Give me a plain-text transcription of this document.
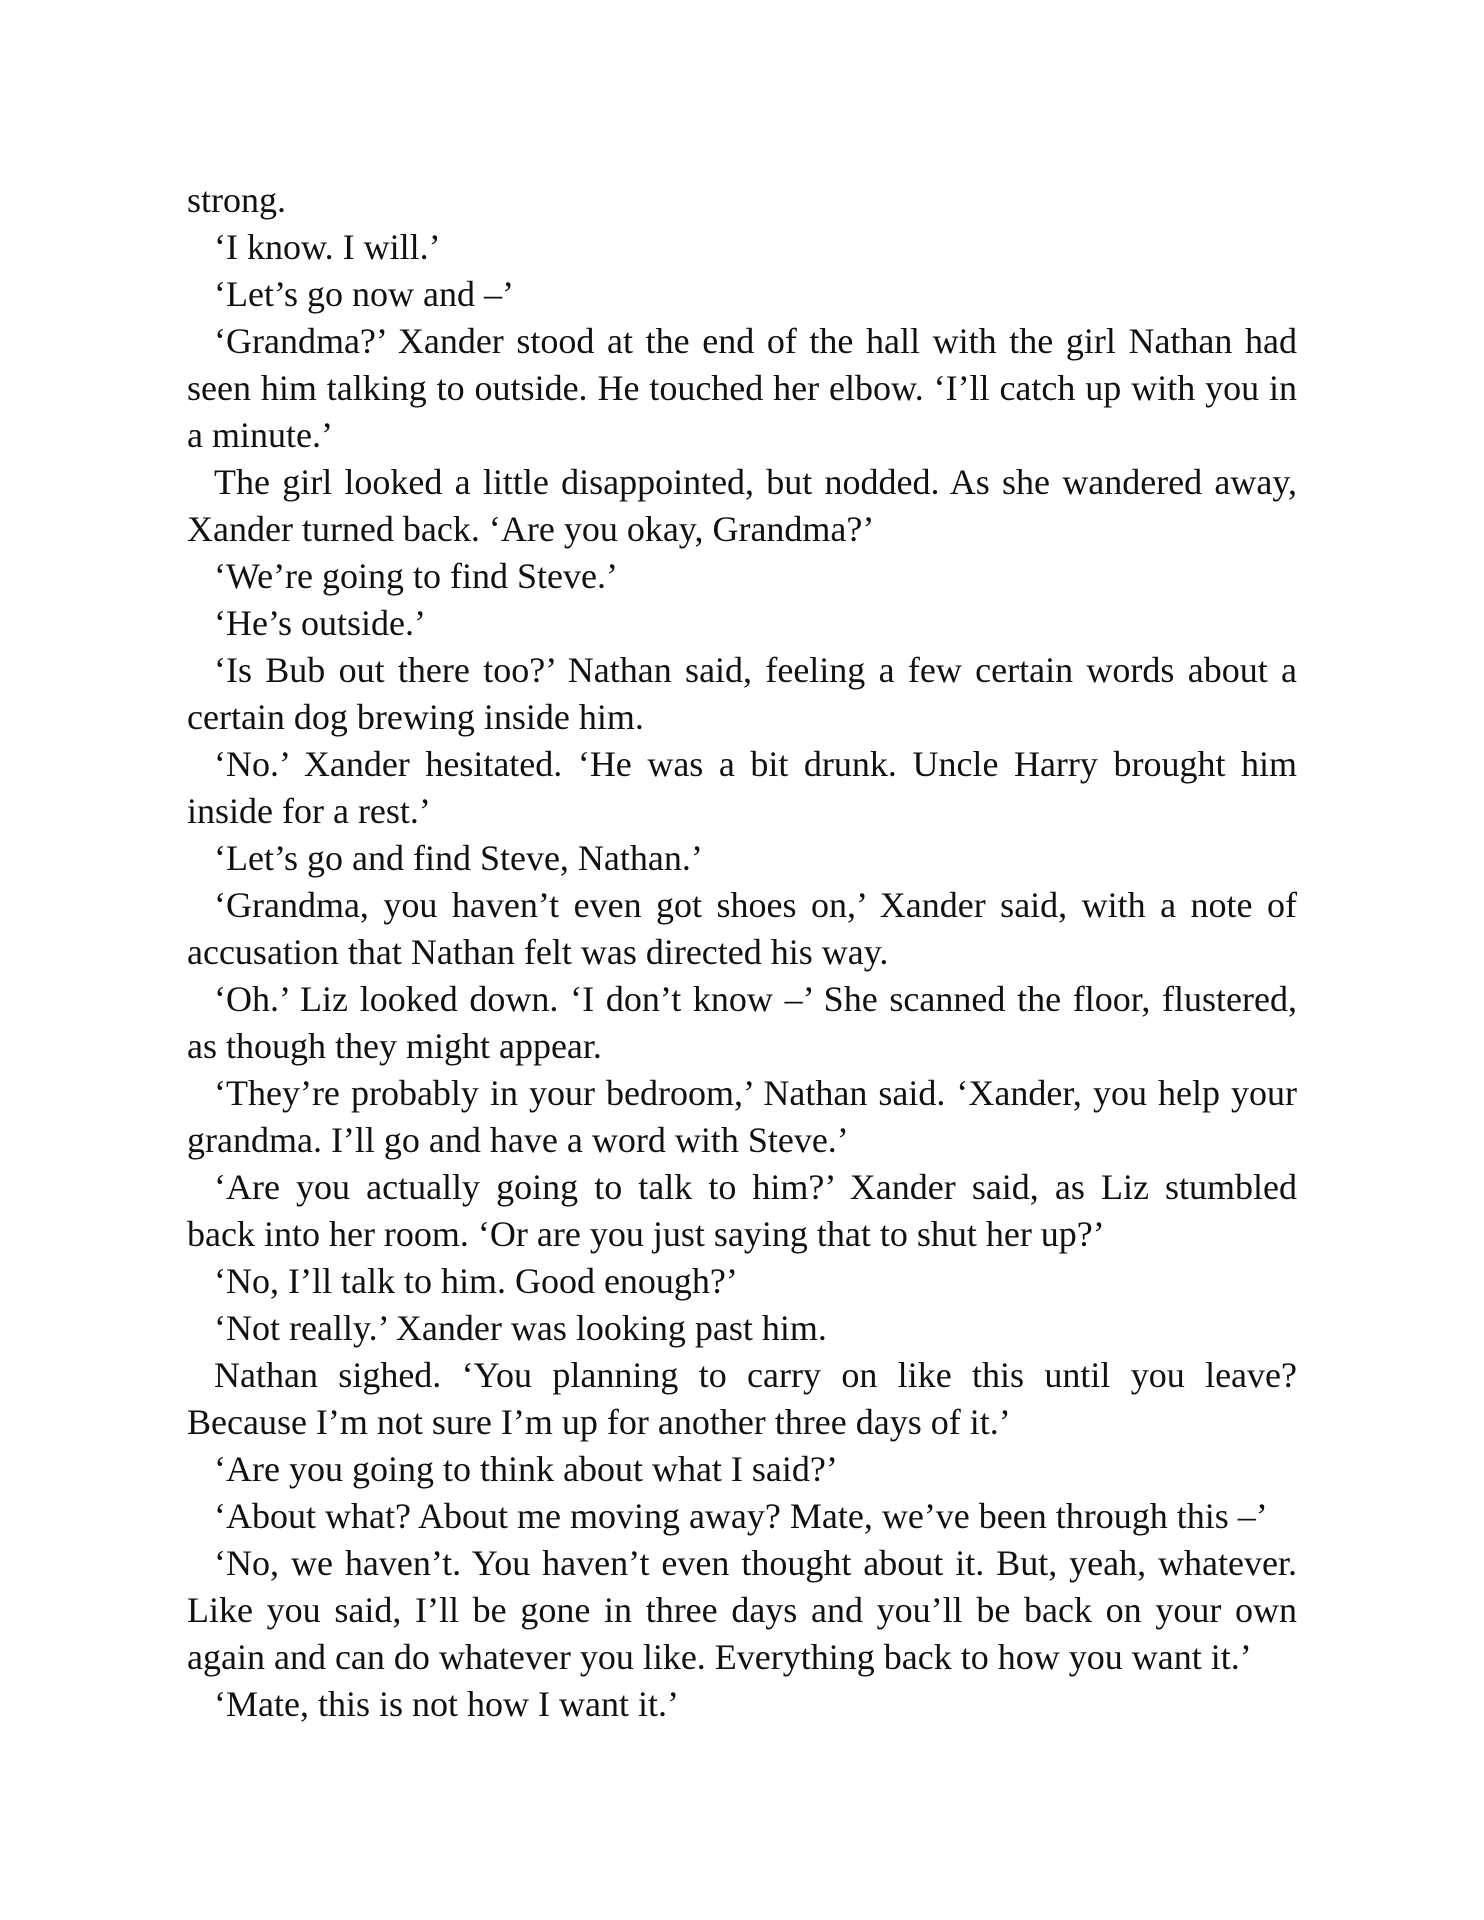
strong.
‘I know. I will.’
‘Let’s go now and –’
‘Grandma?’ Xander stood at the end of the hall with the girl Nathan had
seen him talking to outside. He touched her elbow. ‘I’ll catch up with you in
a minute.’
The girl looked a little disappointed, but nodded. As she wandered away,
Xander turned back. ‘Are you okay, Grandma?’
‘We’re going to find Steve.’
‘He’s outside.’
‘Is Bub out there too?’ Nathan said, feeling a few certain words about a
certain dog brewing inside him.
‘No.’ Xander hesitated. ‘He was a bit drunk. Uncle Harry brought him
inside for a rest.’
‘Let’s go and find Steve, Nathan.’
‘Grandma, you haven’t even got shoes on,’ Xander said, with a note of
accusation that Nathan felt was directed his way.
‘Oh.’ Liz looked down. ‘I don’t know –’ She scanned the floor, flustered,
as though they might appear.
‘They’re probably in your bedroom,’ Nathan said. ‘Xander, you help your
grandma. I’ll go and have a word with Steve.’
‘Are you actually going to talk to him?’ Xander said, as Liz stumbled
back into her room. ‘Or are you just saying that to shut her up?’
‘No, I’ll talk to him. Good enough?’
‘Not really.’ Xander was looking past him.
Nathan sighed. ‘You planning to carry on like this until you leave?
Because I’m not sure I’m up for another three days of it.’
‘Are you going to think about what I said?’
‘About what? About me moving away? Mate, we’ve been through this –’
‘No, we haven’t. You haven’t even thought about it. But, yeah, whatever.
Like you said, I’ll be gone in three days and you’ll be back on your own
again and can do whatever you like. Everything back to how you want it.’
‘Mate, this is not how I want it.’
